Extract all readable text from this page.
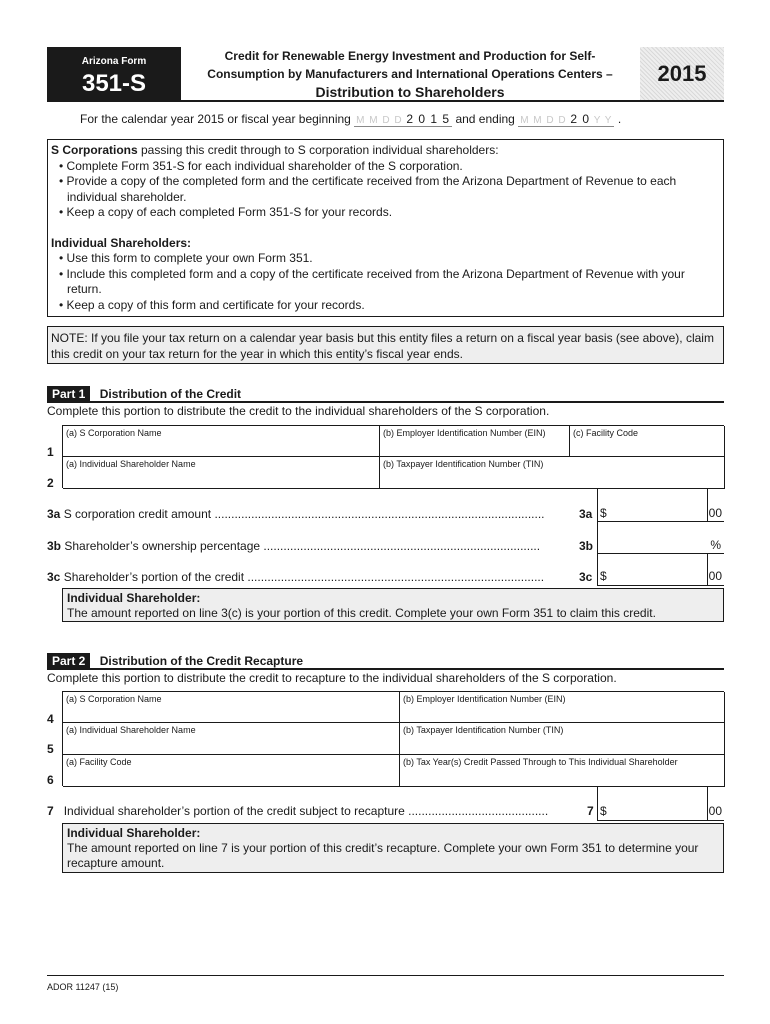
Arizona Form
351-S
Credit for Renewable Energy Investment and Production for Self-
Consumption by Manufacturers and International Operations Centers –
Distribution to Shareholders
2015
For the calendar year 2015 or fiscal year beginning M M D D 2 0 1 5 and ending M M D D 2 0 Y Y .
S Corporations passing this credit through to S corporation individual shareholders:
• Complete Form 351-S for each individual shareholder of the S corporation.
• Provide a copy of the completed form and the certificate received from the Arizona Department of Revenue to each individual shareholder.
• Keep a copy of each completed Form 351-S for your records.
Individual Shareholders:
• Use this form to complete your own Form 351.
• Include this completed form and a copy of the certificate received from the Arizona Department of Revenue with your return.
• Keep a copy of this form and certificate for your records.
NOTE: If you file your tax return on a calendar year basis but this entity files a return on a fiscal year basis (see above), claim this credit on your tax return for the year in which this entity’s fiscal year ends.
Part 1 Distribution of the Credit
Complete this portion to distribute the credit to the individual shareholders of the S corporation.
1
2
(a) S Corporation Name	(b) Employer Identification Number (EIN)	(c) Facility Code
(a) Individual Shareholder Name	(b) Taxpayer Identification Number (TIN)
3a S corporation credit amount ...................................................................................................	3a $	00
3b Shareholder’s ownership percentage ...................................................................................	3b	%
3c Shareholder’s portion of the credit .........................................................................................	3c $	00
Individual Shareholder:
The amount reported on line 3(c) is your portion of this credit. Complete your own Form 351 to claim this credit.
Part 2 Distribution of the Credit Recapture
Complete this portion to distribute the credit to recapture to the individual shareholders of the S corporation.
4
5
6
(a) S Corporation Name	(b) Employer Identification Number (EIN)
(a) Individual Shareholder Name	(b) Taxpayer Identification Number (TIN)
(a) Facility Code	(b) Tax Year(s) Credit Passed Through to This Individual Shareholder
7 Individual shareholder’s portion of the credit subject to recapture ..........................................	7 $	00
Individual Shareholder:
The amount reported on line 7 is your portion of this credit’s recapture. Complete your own Form 351 to determine your recapture amount.
ADOR 11247 (15)
